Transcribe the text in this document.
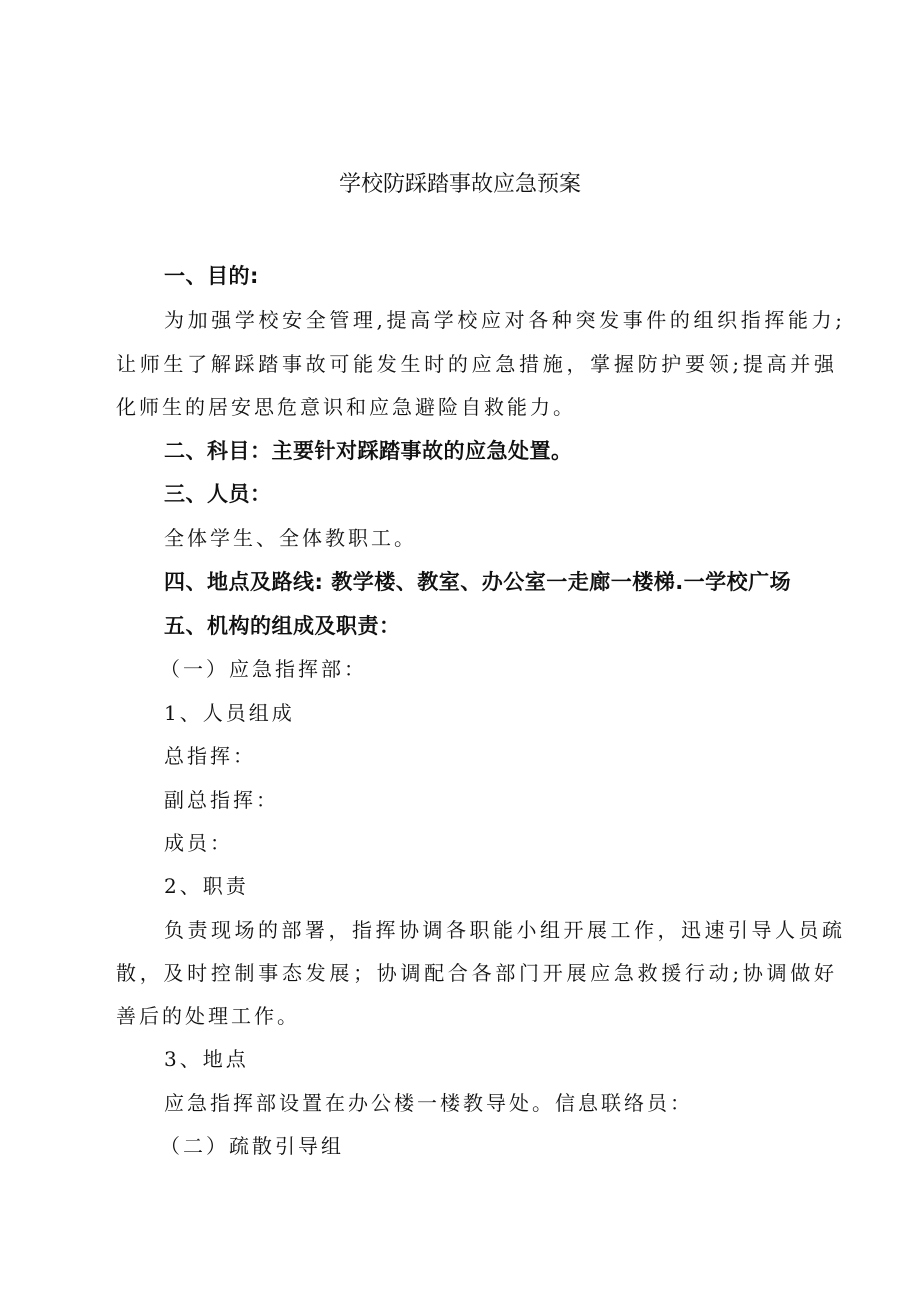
学校防踩踏事故应急预案
一、目的:
为加强学校安全管理,提高学校应对各种突发事件的组织指挥能力;
让师生了解踩踏事故可能发生时的应急措施，掌握防护要领;提高并强
化师生的居安思危意识和应急避险自救能力。
二、科目：主要针对踩踏事故的应急处置。
三、人员：
全体学生、全体教职工。
四、地点及路线: 教学楼、教室、办公室一走廊一楼梯.一学校广场
五、机构的组成及职责：
（一）应急指挥部：
1、人员组成
总指挥：
副总指挥：
成员：
2、职责
负责现场的部署，指挥协调各职能小组开展工作，迅速引导人员疏
散，及时控制事态发展；协调配合各部门开展应急救援行动;协调做好
善后的处理工作。
3、地点
应急指挥部设置在办公楼一楼教导处。信息联络员：
（二）疏散引导组
